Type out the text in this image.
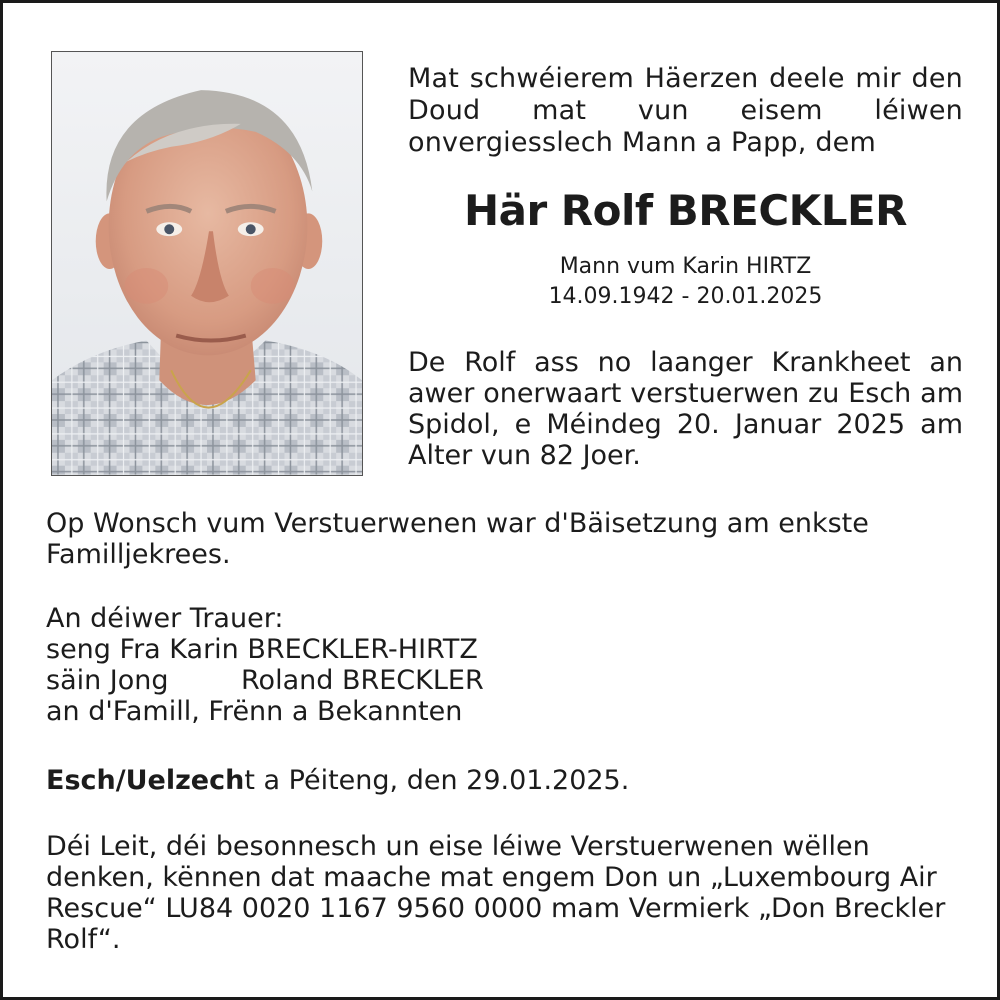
Mat schwéierem Häerzen deele mir den Doud mat vun eisem léiwen onvergiesslech Mann a Papp, dem
Här Rolf BRECKLER
Mann vum Karin HIRTZ
14.09.1942 - 20.01.2025
De Rolf ass no laanger Krankheet an awer onerwaart verstuerwen zu Esch am Spidol, e Méindeg 20. Januar 2025 am Alter vun 82 Joer.
Op Wonsch vum Verstuerwenen war d'Bäisetzung am enkste Familljekrees.
An déiwer Trauer:
seng Fra Karin BRECKLER-HIRTZ
säin Jong	Roland BRECKLER
an d'Famill, Frënn a Bekannten
Esch/Uelzecht a Péiteng, den 29.01.2025.
Déi Leit, déi besonnesch un eise léiwe Verstuerwenen wëllen denken, kënnen dat maache mat engem Don un „Luxembourg Air Rescue“ LU84 0020 1167 9560 0000 mam Vermierk „Don Breckler Rolf“.
